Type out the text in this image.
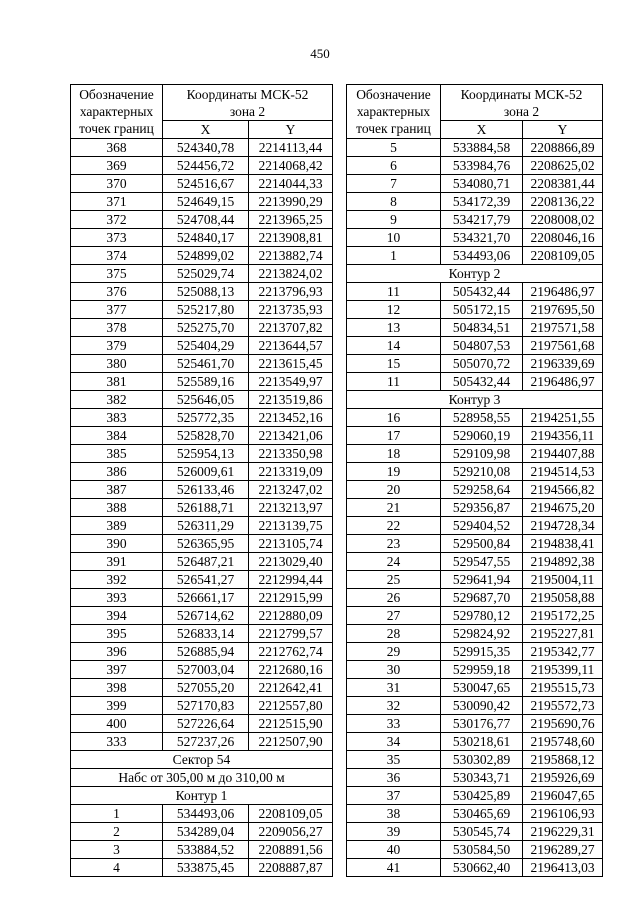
450
Обозначение характерных точек границ	Координаты МСК-52
зона 2	
	X	Y
368	524340,78	2214113,44
369	524456,72	2214068,42
370	524516,67	2214044,33
371	524649,15	2213990,29
372	524708,44	2213965,25
373	524840,17	2213908,81
374	524899,02	2213882,74
375	525029,74	2213824,02
376	525088,13	2213796,93
377	525217,80	2213735,93
378	525275,70	2213707,82
379	525404,29	2213644,57
380	525461,70	2213615,45
381	525589,16	2213549,97
382	525646,05	2213519,86
383	525772,35	2213452,16
384	525828,70	2213421,06
385	525954,13	2213350,98
386	526009,61	2213319,09
387	526133,46	2213247,02
388	526188,71	2213213,97
389	526311,29	2213139,75
390	526365,95	2213105,74
391	526487,21	2213029,40
392	526541,27	2212994,44
393	526661,17	2212915,99
394	526714,62	2212880,09
395	526833,14	2212799,57
396	526885,94	2212762,74
397	527003,04	2212680,16
398	527055,20	2212642,41
399	527170,83	2212557,80
400	527226,64	2212515,90
333	527237,26	2212507,90
Сектор 54		
Набс от 305,00 м до 310,00 м		
Контур 1		
1	534493,06	2208109,05
2	534289,04	2209056,27
3	533884,52	2208891,56
4	533875,45	2208887,87
Обозначение характерных точек границ	Координаты МСК-52
зона 2	
	X	Y
5	533884,58	2208866,89
6	533984,76	2208625,02
7	534080,71	2208381,44
8	534172,39	2208136,22
9	534217,79	2208008,02
10	534321,70	2208046,16
1	534493,06	2208109,05
Контур 2		
11	505432,44	2196486,97
12	505172,15	2197695,50
13	504834,51	2197571,58
14	504807,53	2197561,68
15	505070,72	2196339,69
11	505432,44	2196486,97
Контур 3		
16	528958,55	2194251,55
17	529060,19	2194356,11
18	529109,98	2194407,88
19	529210,08	2194514,53
20	529258,64	2194566,82
21	529356,87	2194675,20
22	529404,52	2194728,34
23	529500,84	2194838,41
24	529547,55	2194892,38
25	529641,94	2195004,11
26	529687,70	2195058,88
27	529780,12	2195172,25
28	529824,92	2195227,81
29	529915,35	2195342,77
30	529959,18	2195399,11
31	530047,65	2195515,73
32	530090,42	2195572,73
33	530176,77	2195690,76
34	530218,61	2195748,60
35	530302,89	2195868,12
36	530343,71	2195926,69
37	530425,89	2196047,65
38	530465,69	2196106,93
39	530545,74	2196229,31
40	530584,50	2196289,27
41	530662,40	2196413,03
